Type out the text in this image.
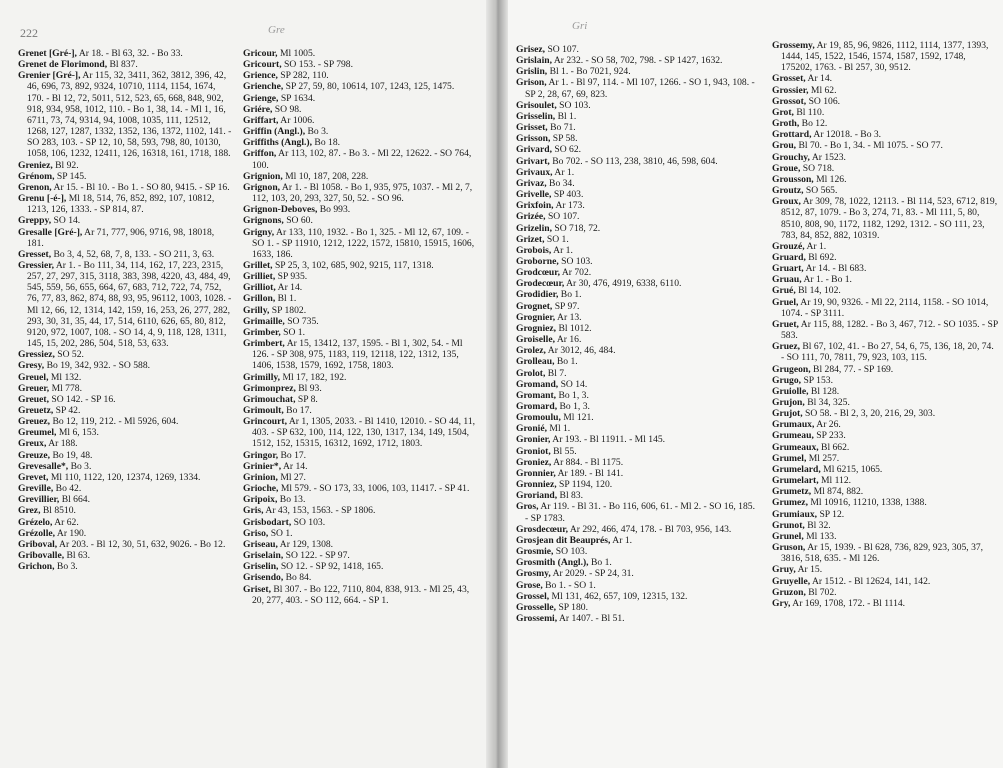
222	Gre
Grenet [Gré-], Ar 18. - Bl 63, 32. - Bo 33.
Grenet de Florimond, Bl 837.
Grenier [Gré-], Ar 115, 32, 3411, 362, 3812, 396, 42, 46, 696, 73, 892, 9324, 10710, 1114, 1154, 1674, 170. - Bl 12, 72, 5011, 512, 523, 65, 668, 848, 902, 918, 934, 958, 1012, 110. - Bo 1, 38, 14. - Ml 1, 16, 6711, 73, 74, 9314, 94, 1008, 1035, 111, 12512, 1268, 127, 1287, 1332, 1352, 136, 1372, 1102, 141. - SO 283, 103. - SP 12, 10, 58, 593, 798, 80, 10130, 1058, 106, 1232, 12411, 126, 16318, 161, 1718, 188.
Greniez, Bl 92.
Grénom, SP 145.
Grenon, Ar 15. - Bl 10. - Bo 1. - SO 80, 9415. - SP 16.
Grenu [-é-], Ml 18, 514, 76, 852, 892, 107, 10812, 1213, 126, 1333. - SP 814, 87.
Greppy, SO 14.
Gresalle [Gré-], Ar 71, 777, 906, 9716, 98, 18018, 181.
Gresset, Bo 3, 4, 52, 68, 7, 8, 133. - SO 211, 3, 63.
Gressier, Ar 1. - Bo 111, 34, 114, 162, 17, 223, 2315, 257, 27, 297, 315, 3118, 383, 398, 4220, 43, 484, 49, 545, 559, 56, 655, 664, 67, 683, 712, 722, 74, 752, 76, 77, 83, 862, 874, 88, 93, 95, 96112, 1003, 1028. - Ml 12, 66, 12, 1314, 142, 159, 16, 253, 26, 277, 282, 293, 30, 31, 35, 44, 17, 514, 6110, 626, 65, 80, 812, 9120, 972, 1007, 108. - SO 14, 4, 9, 118, 128, 1311, 145, 15, 202, 286, 504, 518, 53, 633.
Gressiez, SO 52.
Gresy, Bo 19, 342, 932. - SO 588.
Greuel, Ml 132.
Greuer, Ml 778.
Greuet, SO 142. - SP 16.
Greuetz, SP 42.
Greuez, Bo 12, 119, 212. - Ml 5926, 604.
Greumel, Ml 6, 153.
Greux, Ar 188.
Greuze, Bo 19, 48.
Grevesalle*, Bo 3.
Grevet, Ml 110, 1122, 120, 12374, 1269, 1334.
Greville, Bo 42.
Grevillier, Bl 664.
Grez, Bl 8510.
Grézelo, Ar 62.
Grézolle, Ar 190.
Griboval, Ar 203. - Bl 12, 30, 51, 632, 9026. - Bo 12.
Gribovalle, Bl 63.
Grichon, Bo 3.
Gricour, Ml 1005.
Gricourt, SO 153. - SP 798.
Grience, SP 282, 110.
Grienche, SP 27, 59, 80, 10614, 107, 1243, 125, 1475.
Grienge, SP 1634.
Griére, SO 98.
Griffart, Ar 1006.
Griffin (Angl.), Bo 3.
Griffiths (Angl.), Bo 18.
Griffon, Ar 113, 102, 87. - Bo 3. - Ml 22, 12622. - SO 764, 100.
Grignion, Ml 10, 187, 208, 228.
Grignon, Ar 1. - Bl 1058. - Bo 1, 935, 975, 1037. - Ml 2, 7, 112, 103, 20, 293, 327, 50, 52. - SO 96.
Grignon-Deboves, Bo 993.
Grignons, SO 60.
Grigny, Ar 133, 110, 1932. - Bo 1, 325. - Ml 12, 67, 109. - SO 1. - SP 11910, 1212, 1222, 1572, 15810, 15915, 1606, 1633, 186.
Grillet, SP 25, 3, 102, 685, 902, 9215, 117, 1318.
Grilliet, SP 935.
Grilliot, Ar 14.
Grillon, Bl 1.
Grilly, SP 1802.
Grimaille, SO 735.
Grimber, SO 1.
Grimbert, Ar 15, 13412, 137, 1595. - Bl 1, 302, 54. - Ml 126. - SP 308, 975, 1183, 119, 12118, 122, 1312, 135, 1406, 1538, 1579, 1692, 1758, 1803.
Grimilly, Ml 17, 182, 192.
Grimonprez, Bl 93.
Grimouchat, SP 8.
Grimoult, Bo 17.
Grincourt, Ar 1, 1305, 2033. - Bl 1410, 12010. - SO 44, 11, 403. - SP 632, 100, 114, 122, 130, 1317, 134, 149, 1504, 1512, 152, 15315, 16312, 1692, 1712, 1803.
Gringor, Bo 17.
Grinier*, Ar 14.
Grinion, Ml 27.
Grioche, Ml 579. - SO 173, 33, 1006, 103, 11417. - SP 41.
Gripoix, Bo 13.
Gris, Ar 43, 153, 1563. - SP 1806.
Grisbodart, SO 103.
Griso, SO 1.
Griseau, Ar 129, 1308.
Griselain, SO 122. - SP 97.
Griselin, SO 12. - SP 92, 1418, 165.
Grisendo, Bo 84.
Griset, Bl 307. - Bo 122, 7110, 804, 838, 913. - Ml 25, 43, 20, 277, 403. - SO 112, 664. - SP 1.
Gri
Grisez, SO 107.
Grislain, Ar 232. - SO 58, 702, 798. - SP 1427, 1632.
Grislin, Bl 1. - Bo 7021, 924.
Grison, Ar 1. - Bl 97, 114. - Ml 107, 1266. - SO 1, 943, 108. - SP 2, 28, 67, 69, 823.
Grisoulet, SO 103.
Grisselin, Bl 1.
Grisset, Bo 71.
Grisson, SP 58.
Grivard, SO 62.
Grivart, Bo 702. - SO 113, 238, 3810, 46, 598, 604.
Grivaux, Ar 1.
Grivaz, Bo 34.
Grivelle, SP 403.
Grixfoin, Ar 173.
Grizée, SO 107.
Grizelin, SO 718, 72.
Grizet, SO 1.
Grobois, Ar 1.
Groborne, SO 103.
Grodcœur, Ar 702.
Grodecœur, Ar 30, 476, 4919, 6338, 6110.
Grodidier, Bo 1.
Grognet, SP 97.
Grognier, Ar 13.
Grogniez, Bl 1012.
Groiselle, Ar 16.
Grolez, Ar 3012, 46, 484.
Grolleau, Bo 1.
Grolot, Bl 7.
Gromand, SO 14.
Gromant, Bo 1, 3.
Gromard, Bo 1, 3.
Gromoulu, Ml 121.
Gronié, Ml 1.
Gronier, Ar 193. - Bl 11911. - Ml 145.
Groniot, Bl 55.
Groniez, Ar 884. - Bl 1175.
Gronnier, Ar 189. - Bl 141.
Gronniez, SP 1194, 120.
Groriand, Bl 83.
Gros, Ar 119. - Bl 31. - Bo 116, 606, 61. - Ml 2. - SO 16, 185. - SP 1783.
Grosdecœur, Ar 292, 466, 474, 178. - Bl 703, 956, 143.
Grosjean dit Beauprés, Ar 1.
Grosmie, SO 103.
Grosmith (Angl.), Bo 1.
Grosmy, Ar 2029. - SP 24, 31.
Grose, Bo 1. - SO 1.
Grossel, Ml 131, 462, 657, 109, 12315, 132.
Grosselle, SP 180.
Grossemi, Ar 1407. - Bl 51.
Grossemy, Ar 19, 85, 96, 9826, 1112, 1114, 1377, 1393, 1444, 145, 1522, 1546, 1574, 1587, 1592, 1748, 175202, 1763. - Bl 257, 30, 9512.
Grosset, Ar 14.
Grossier, Ml 62.
Grossot, SO 106.
Grot, Bl 110.
Groth, Bo 12.
Grottard, Ar 12018. - Bo 3.
Grou, Bl 70. - Bo 1, 34. - Ml 1075. - SO 77.
Grouchy, Ar 1523.
Groue, SO 718.
Grousson, Ml 126.
Groutz, SO 565.
Groux, Ar 309, 78, 1022, 12113. - Bl 114, 523, 6712, 819, 8512, 87, 1079. - Bo 3, 274, 71, 83. - Ml 111, 5, 80, 8510, 808, 90, 1172, 1182, 1292, 1312. - SO 111, 23, 783, 84, 852, 882, 10319.
Grouzé, Ar 1.
Gruard, Bl 692.
Gruart, Ar 14. - Bl 683.
Gruau, Ar 1. - Bo 1.
Grué, Bl 14, 102.
Gruel, Ar 19, 90, 9326. - Ml 22, 2114, 1158. - SO 1014, 1074. - SP 3111.
Gruet, Ar 115, 88, 1282. - Bo 3, 467, 712. - SO 1035. - SP 583.
Gruez, Bl 67, 102, 41. - Bo 27, 54, 6, 75, 136, 18, 20, 74. - SO 111, 70, 7811, 79, 923, 103, 115.
Grugeon, Bl 284, 77. - SP 169.
Grugo, SP 153.
Gruiolle, Bl 128.
Grujon, Bl 34, 325.
Grujot, SO 58. - Bl 2, 3, 20, 216, 29, 303.
Grumaux, Ar 26.
Grumeau, SP 233.
Grumeaux, Bl 662.
Grumel, Ml 257.
Grumelard, Ml 6215, 1065.
Grumelart, Ml 112.
Grumetz, Ml 874, 882.
Grumez, Ml 10916, 11210, 1338, 1388.
Grumiaux, SP 12.
Grunot, Bl 32.
Grunel, Ml 133.
Gruson, Ar 15, 1939. - Bl 628, 736, 829, 923, 305, 37, 3816, 518, 635. - Ml 126.
Gruy, Ar 15.
Gruyelle, Ar 1512. - Bl 12624, 141, 142.
Gruzon, Bl 702.
Gry, Ar 169, 1708, 172. - Bl 1114.
